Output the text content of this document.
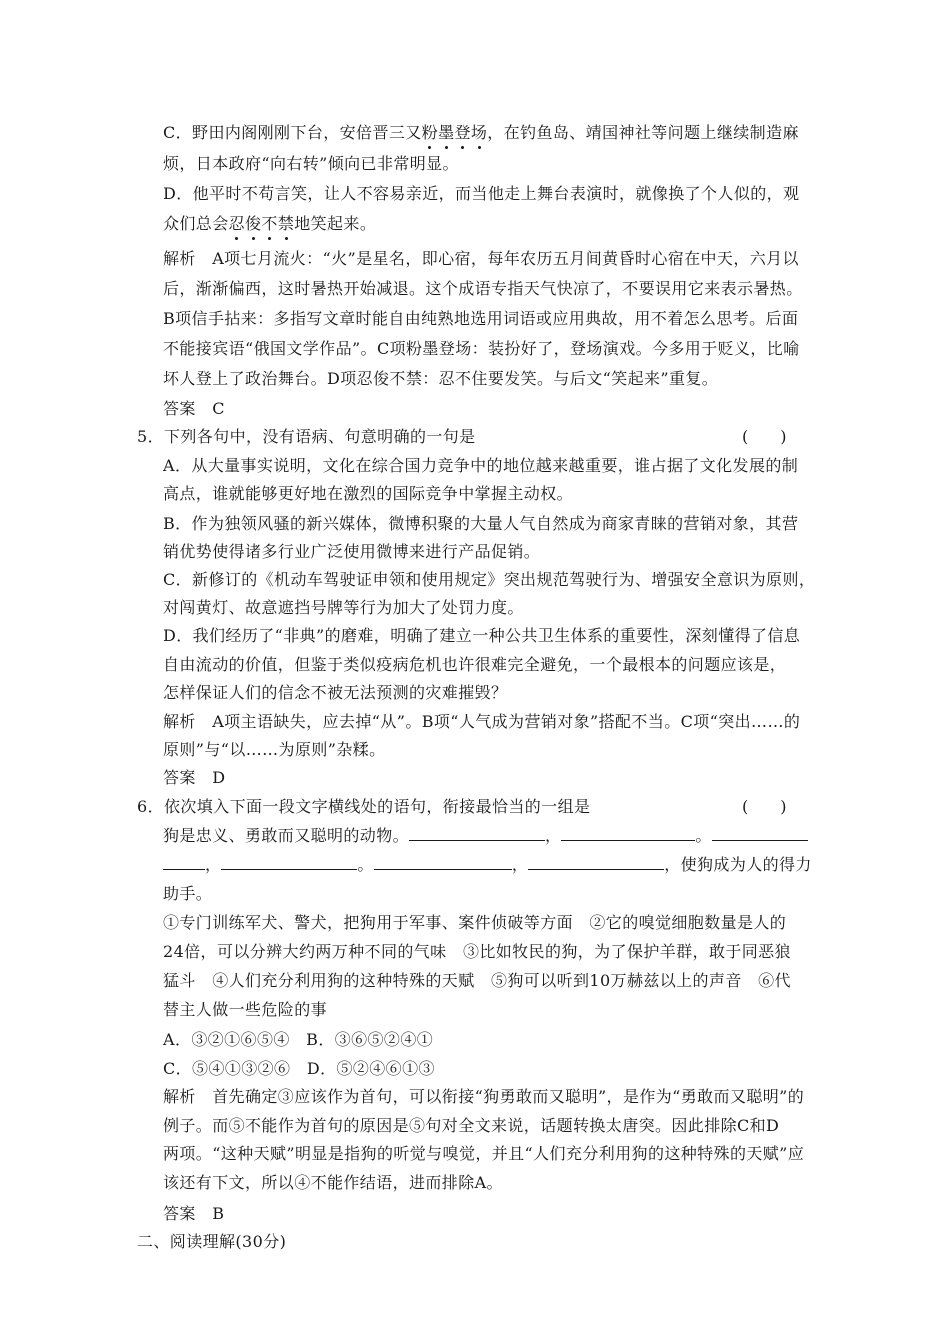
C．野田内阁刚刚下台，安倍晋三又粉墨登场，在钓鱼岛、靖国神社等问题上继续制造麻
烦，日本政府“向右转”倾向已非常明显。
D．他平时不苟言笑，让人不容易亲近，而当他走上舞台表演时，就像换了个人似的，观
众们总会忍俊不禁地笑起来。
解析　A项七月流火：“火”是星名，即心宿，每年农历五月间黄昏时心宿在中天，六月以
后，渐渐偏西，这时暑热开始减退。这个成语专指天气快凉了，不要误用它来表示暑热。
B项信手拈来：多指写文章时能自由纯熟地选用词语或应用典故，用不着怎么思考。后面
不能接宾语“俄国文学作品”。C项粉墨登场：装扮好了，登场演戏。今多用于贬义，比喻
坏人登上了政治舞台。D项忍俊不禁：忍不住要发笑。与后文“笑起来”重复。
答案　C
5．下列各句中，没有语病、句意明确的一句是	(　　)
A．从大量事实说明，文化在综合国力竞争中的地位越来越重要，谁占据了文化发展的制
高点，谁就能够更好地在激烈的国际竞争中掌握主动权。
B．作为独领风骚的新兴媒体，微博积聚的大量人气自然成为商家青睐的营销对象，其营
销优势使得诸多行业广泛使用微博来进行产品促销。
C．新修订的《机动车驾驶证申领和使用规定》突出规范驾驶行为、增强安全意识为原则，
对闯黄灯、故意遮挡号牌等行为加大了处罚力度。
D．我们经历了“非典”的磨难，明确了建立一种公共卫生体系的重要性，深刻懂得了信息
自由流动的价值，但鉴于类似疫病危机也许很难完全避免，一个最根本的问题应该是，
怎样保证人们的信念不被无法预测的灾难摧毁？
解析　A项主语缺失，应去掉“从”。B项“人气成为营销对象”搭配不当。C项“突出……的
原则”与“以……为原则”杂糅。
答案　D
6．依次填入下面一段文字横线处的语句，衔接最恰当的一组是	(　　)
狗是忠义、勇敢而又聪明的动物。	，	。
，	。	，	，使狗成为人的得力
助手。
①专门训练军犬、警犬，把狗用于军事、案件侦破等方面　②它的嗅觉细胞数量是人的
24倍，可以分辨大约两万种不同的气味　③比如牧民的狗，为了保护羊群，敢于同恶狼
猛斗　④人们充分利用狗的这种特殊的天赋　⑤狗可以听到10万赫兹以上的声音　⑥代
替主人做一些危险的事
A．③②①⑥⑤④　B．③⑥⑤②④①
C．⑤④①③②⑥　D．⑤②④⑥①③
解析　首先确定③应该作为首句，可以衔接“狗勇敢而又聪明”，是作为“勇敢而又聪明”的
例子。而⑤不能作为首句的原因是⑤句对全文来说，话题转换太唐突。因此排除C和D
两项。“这种天赋”明显是指狗的听觉与嗅觉，并且“人们充分利用狗的这种特殊的天赋”应
该还有下文，所以④不能作结语，进而排除A。
答案　B
二、阅读理解(30分)
